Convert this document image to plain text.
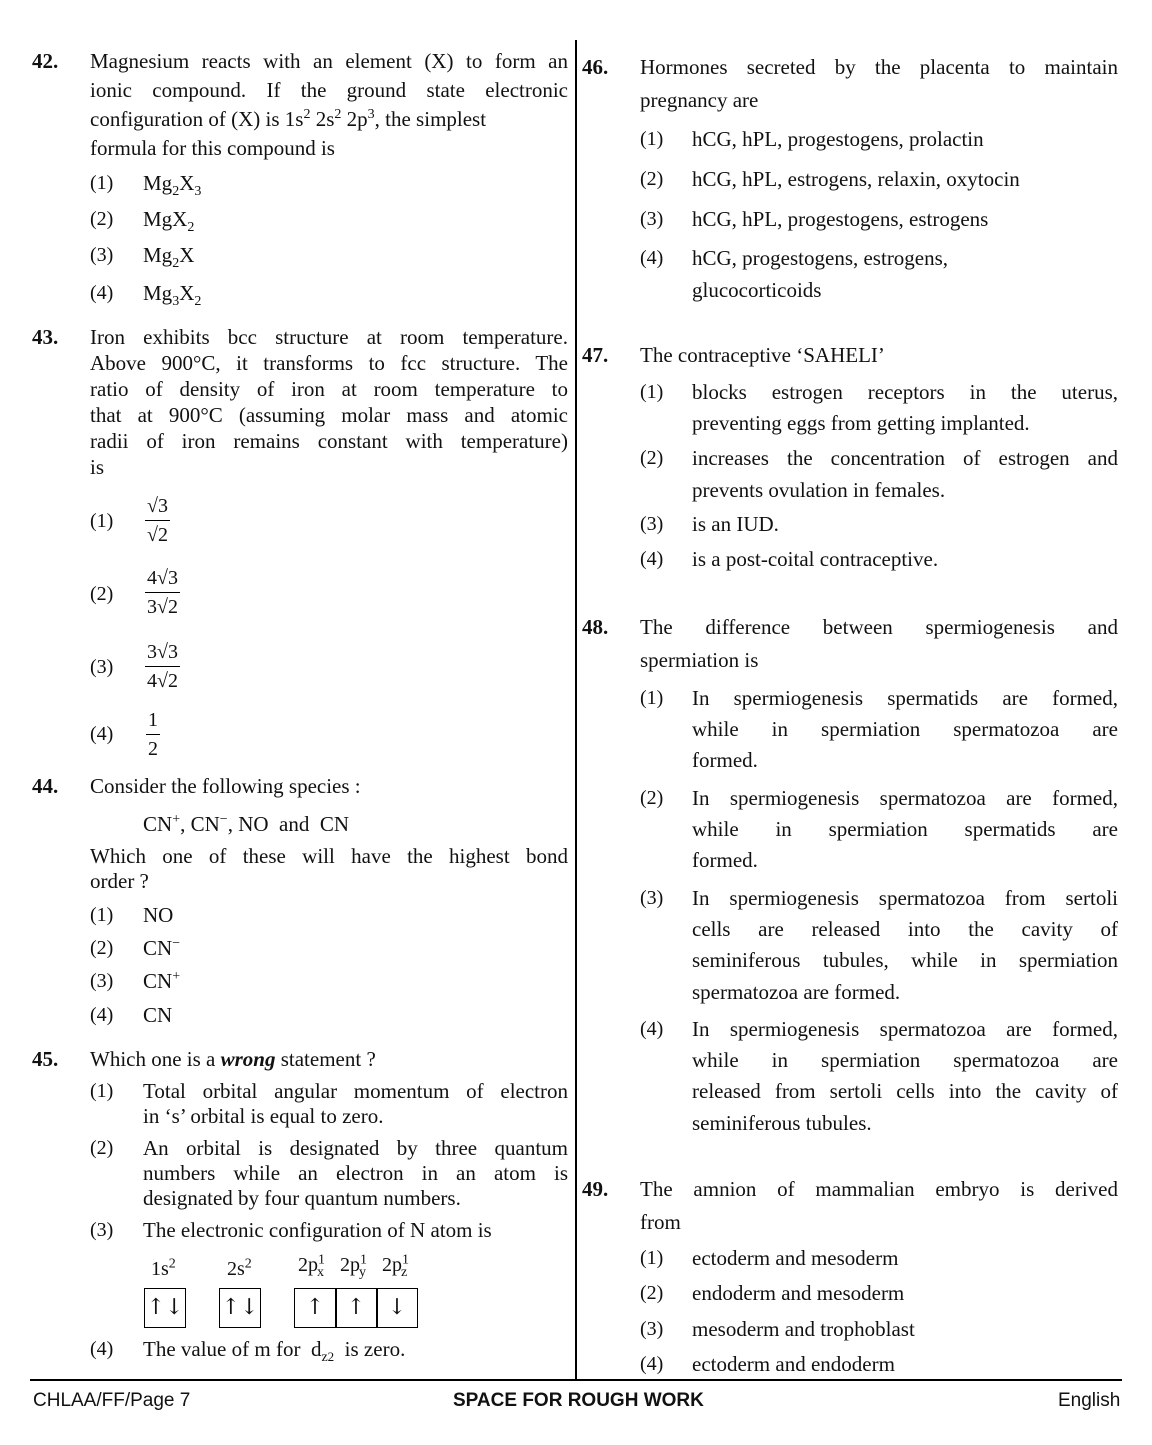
42. Magnesium reacts with an element (X) to form an
ionic compound. If the ground state electronic
configuration of (X) is $1s^2$ $2s^2$ $2p^3$, the simplest
formula for this compound is
(1) $Mg_2X_3$
(2) MgX$_2$
(3) $Mg_2X$
(4) $Mg_3X_2$
43. Iron exhibits bcc structure at room temperature.
Above 900°C, it transforms to fcc structure. The
ratio of density of iron at room temperature to
that at 900°C (assuming molar mass and atomic
radii of iron remains constant with temperature)
is
$(1) \frac{√3}{√2}$
$(2) \frac{4√3}{3√2}$
$(3) \frac{3√3}{4√2}$
$(4) \frac{1}{2}$
44. Consider the following species :
CN+, CN−, NO  and  CN
Which one of these will have the highest bond
order ?
(1) NO
(2) CN−
(3) CN+
(4) CN
45. Which one is a wrong statement ?
(1) Total orbital angular momentum of electron
in ‘s’ orbital is equal to zero.
(2) An orbital is designated by three quantum
numbers while an electron in an atom is
designated by four quantum numbers.
(3) The electronic configuration of N atom is
$1s^2$	$2s^2$ $2p^1_x$ $2p^1_y$ $2p^1_z$
↑↓ ↑↓	↑	↑	↓
(4) The value of m for  $d_{z2}$  is zero.
46. Hormones secreted by the placenta to maintain
pregnancy are
(1) hCG, hPL, progestogens, prolactin
(2) hCG, hPL, estrogens, relaxin, oxytocin
(3) hCG, hPL, progestogens, estrogens
(4) hCG, progestogens, estrogens,
glucocorticoids
47. The contraceptive ‘SAHELI’
(1) blocks estrogen receptors in the uterus,
preventing eggs from getting implanted.
(2) increases the concentration of estrogen and
prevents ovulation in females.
(3) is an IUD.
(4) is a post-coital contraceptive.
48. The difference between spermiogenesis and
spermiation is
(1) In spermiogenesis spermatids are formed,
while in spermiation spermatozoa are
formed.
(2) In spermiogenesis spermatozoa are formed,
while in spermiation spermatids are
formed.
(3) In spermiogenesis spermatozoa from sertoli
cells are released into the cavity of
seminiferous tubules, while in spermiation
spermatozoa are formed.
(4) In spermiogenesis spermatozoa are formed,
while in spermiation spermatozoa are
released from sertoli cells into the cavity of
seminiferous tubules.
49. The amnion of mammalian embryo is derived
from
(1) ectoderm and mesoderm
(2) endoderm and mesoderm
(3) mesoderm and trophoblast
(4) ectoderm and endoderm
CHLAA/FF/Page 7	SPACE FOR ROUGH WORK	English
